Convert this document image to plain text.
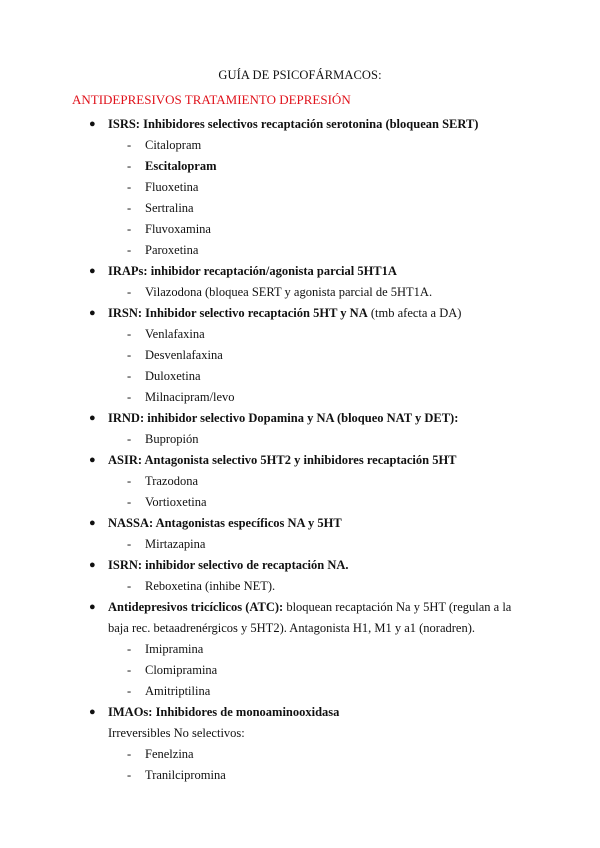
GUÍA DE PSICOFÁRMACOS:
ANTIDEPRESIVOS TRATAMIENTO DEPRESIÓN
● ISRS: Inhibidores selectivos recaptación serotonina (bloquean SERT)
- Citalopram
- Escitalopram
- Fluoxetina
- Sertralina
- Fluvoxamina
- Paroxetina
● IRAPs: inhibidor recaptación/agonista parcial 5HT1A
- Vilazodona (bloquea SERT y agonista parcial de 5HT1A.
● IRSN: Inhibidor selectivo recaptación 5HT y NA (tmb afecta a DA)
- Venlafaxina
- Desvenlafaxina
- Duloxetina
- Milnacipram/levo
● IRND: inhibidor selectivo Dopamina y NA (bloqueo NAT y DET):
- Bupropión
● ASIR: Antagonista selectivo 5HT2 y inhibidores recaptación 5HT
- Trazodona
- Vortioxetina
● NASSA: Antagonistas específicos NA y 5HT
- Mirtazapina
● ISRN: inhibidor selectivo de recaptación NA.
- Reboxetina (inhibe NET).
● Antidepresivos tricíclicos (ATC): bloquean recaptación Na y 5HT (regulan a la baja rec. betaadrenérgicos y 5HT2). Antagonista H1, M1 y a1 (noradren).
- Imipramina
- Clomipramina
- Amitriptilina
● IMAOs: Inhibidores de monoaminooxidasa
Irreversibles No selectivos:
- Fenelzina
- Tranilcipromina
